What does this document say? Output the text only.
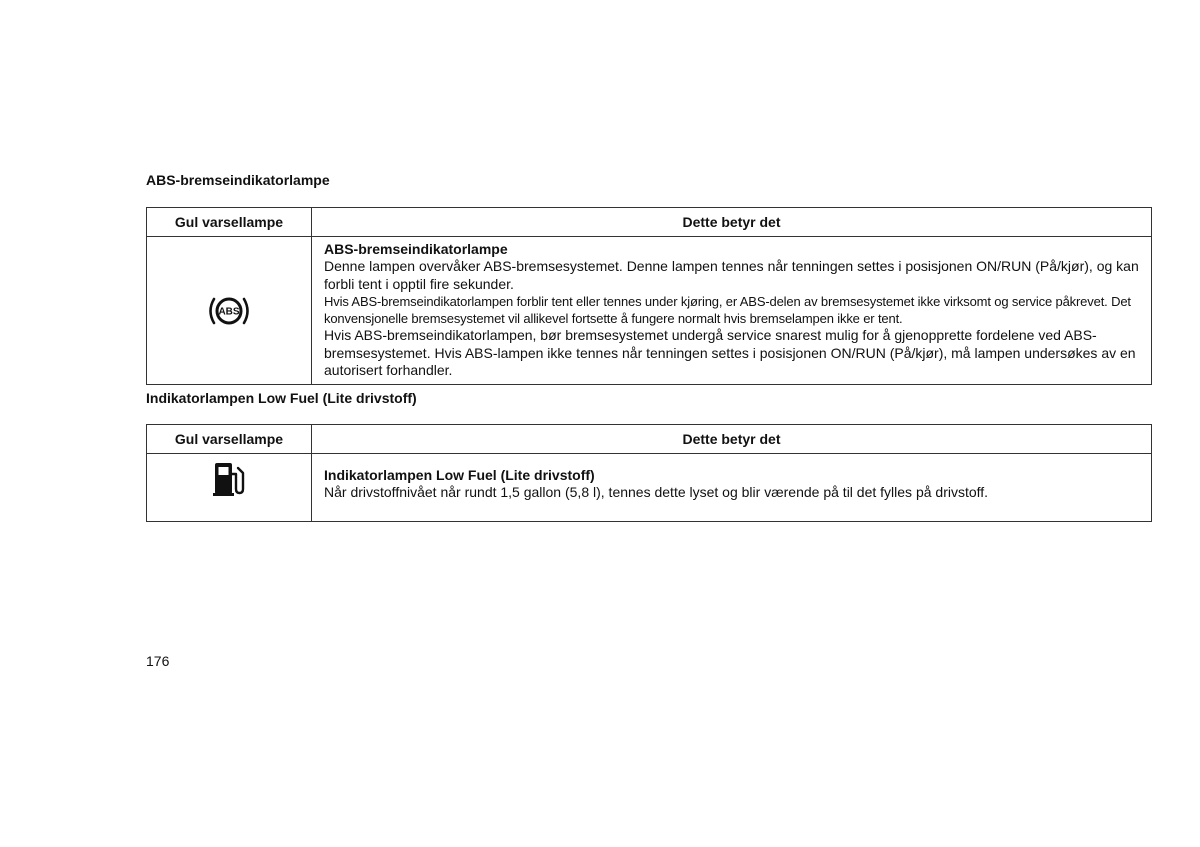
ABS-bremseindikatorlampe

Gul varsellampe	Dette betyr det

ABS	ABS-bremseindikatorlampe
Denne lampen overvåker ABS-bremsesystemet. Denne lampen tennes når tenningen settes i posisjonen ON/RUN (På/kjør), og kan forbli tent i opptil fire sekunder.
Hvis ABS-bremseindikatorlampen forblir tent eller tennes under kjøring, er ABS-delen av bremsesystemet ikke virksomt og service påkrevet. Det konvensjonelle bremsesystemet vil allikevel fortsette å fungere normalt hvis bremselampen ikke er tent.
Hvis ABS-bremseindikatorlampen, bør bremsesystemet undergå service snarest mulig for å gjenopprette fordelene ved ABS-bremsesystemet. Hvis ABS-lampen ikke tennes når tenningen settes i posisjonen ON/RUN (På/kjør), må lampen undersøkes av en autorisert forhandler.

Indikatorlampen Low Fuel (Lite drivstoff)

Gul varsellampe	Dette betyr det

Indikatorlampen Low Fuel (Lite drivstoff)
Når drivstoffnivået når rundt 1,5 gallon (5,8 l), tennes dette lyset og blir værende på til det fylles på drivstoff.

176
